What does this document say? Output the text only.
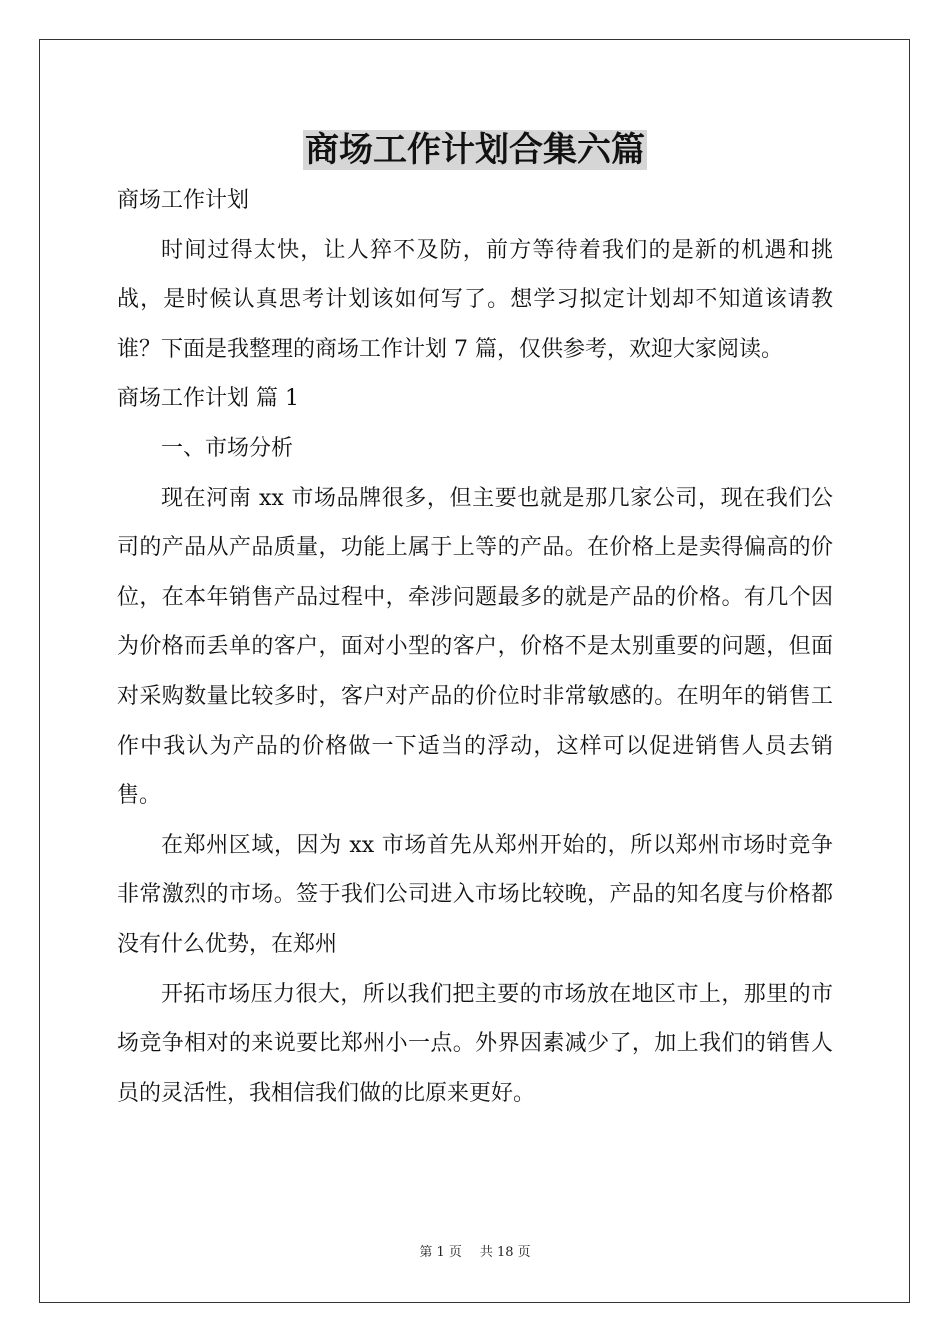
商场工作计划合集六篇

商场工作计划

时间过得太快，让人猝不及防，前方等待着我们的是新的机遇和挑战，是时候认真思考计划该如何写了。想学习拟定计划却不知道该请教谁？下面是我整理的商场工作计划 7 篇，仅供参考，欢迎大家阅读。

商场工作计划 篇 1

一、市场分析

现在河南 xx 市场品牌很多，但主要也就是那几家公司，现在我们公司的产品从产品质量，功能上属于上等的产品。在价格上是卖得偏高的价位，在本年销售产品过程中，牵涉问题最多的就是产品的价格。有几个因为价格而丢单的客户，面对小型的客户，价格不是太别重要的问题，但面对采购数量比较多时，客户对产品的价位时非常敏感的。在明年的销售工作中我认为产品的价格做一下适当的浮动，这样可以促进销售人员去销售。

在郑州区域，因为 xx 市场首先从郑州开始的，所以郑州市场时竞争非常激烈的市场。签于我们公司进入市场比较晚，产品的知名度与价格都没有什么优势，在郑州

开拓市场压力很大，所以我们把主要的市场放在地区市上，那里的市场竞争相对的来说要比郑州小一点。外界因素减少了，加上我们的销售人员的灵活性，我相信我们做的比原来更好。

第 1 页 共 18 页
